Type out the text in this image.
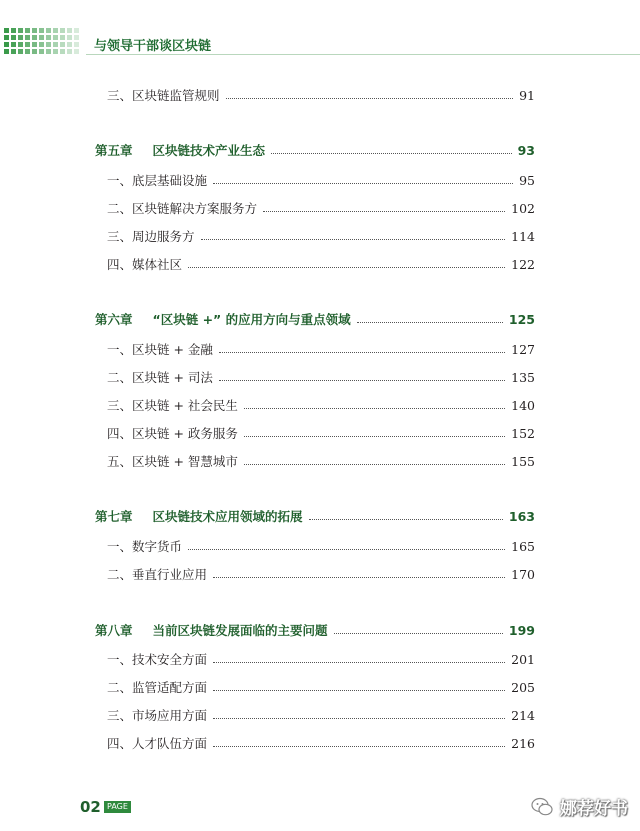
与领导干部谈区块链
三、区块链监管规则	91
第五章 区块链技术产业生态	93
一、底层基础设施	95
二、区块链解决方案服务方	102
三、周边服务方	114
四、媒体社区	122
第六章 “区块链 +” 的应用方向与重点领域	125
一、区块链 + 金融	127
二、区块链 + 司法	135
三、区块链 + 社会民生	140
四、区块链 + 政务服务	152
五、区块链 + 智慧城市	155
第七章 区块链技术应用领域的拓展	163
一、数字货币	165
二、垂直行业应用	170
第八章 当前区块链发展面临的主要问题	199
一、技术安全方面	201
二、监管适配方面	205
三、市场应用方面	214
四、人才队伍方面	216
02 PAGE	娜荐好书
